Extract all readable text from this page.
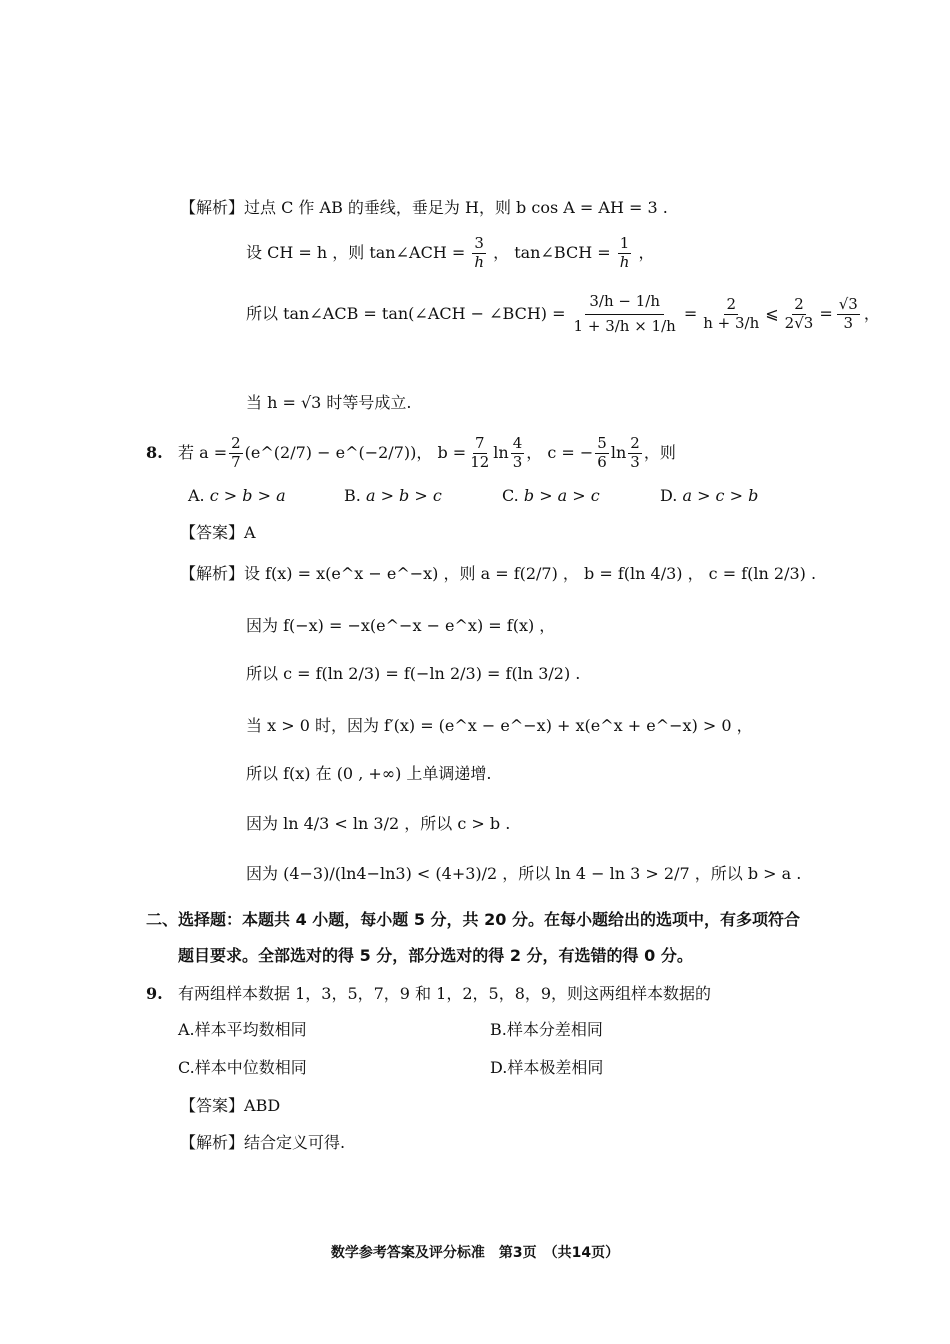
【解析】过点 C 作 AB 的垂线，垂足为 H，则 b cos A = AH = 3 .
设 CH = h ，则 tan∠ACH = $\frac{3}{h}$ ， tan∠BCH = $\frac{1}{h}$ ，
所以 tan∠ACB = tan(∠ACH − ∠BCH) = $\frac{3/h - 1/h}{1 + 3/h \times 1/h} = \frac{2}{h + 3/h}$ ⩽ $\frac{2}{2√3} = \frac{√3}{3}$ ，
当 h = √3 时等号成立.
8. 若 $a = \frac{2}{7}$ (e^(2/7) − e^(−2/7)) ， $b = \frac{7}{12}$ $\ln \frac{4}{3}$ ， c = − $\frac{5}{6}$ $\ln \frac{2}{3}$ ，则
A. c > b > a	B. a > b > c	C. b > a > c	D. a > c > b
【答案】A
【解析】设 f(x) = x(e^x − e^−x) ，则 a = f(2/7) ， b = f(ln 4/3) ， c = f(ln 2/3) .
因为 f(−x) = −x(e^−x − e^x) = f(x) ，
所以 c = f(ln 2/3) = f(−ln 2/3) = f(ln 3/2) .
当 x > 0 时，因为 f′(x) = (e^x − e^−x) + x(e^x + e^−x) > 0 ，
所以 f(x) 在 (0 , +∞) 上单调递增.
因为 ln 4/3 < ln 3/2 ，所以 c > b .
因为 (4−3)/(ln4−ln3) < (4+3)/2 ，所以 ln 4 − ln 3 > 2/7 ，所以 b > a .
二、选择题：本题共 4 小题，每小题 5 分，共 20 分。在每小题给出的选项中，有多项符合
题目要求。全部选对的得 5 分，部分选对的得 2 分，有选错的得 0 分。
9. 有两组样本数据 1，3，5，7，9 和 1，2，5，8，9，则这两组样本数据的
A.样本平均数相同	B.样本分差相同
C.样本中位数相同	D.样本极差相同
【答案】ABD
【解析】结合定义可得.
数学参考答案及评分标准　第3页　（共14页）
